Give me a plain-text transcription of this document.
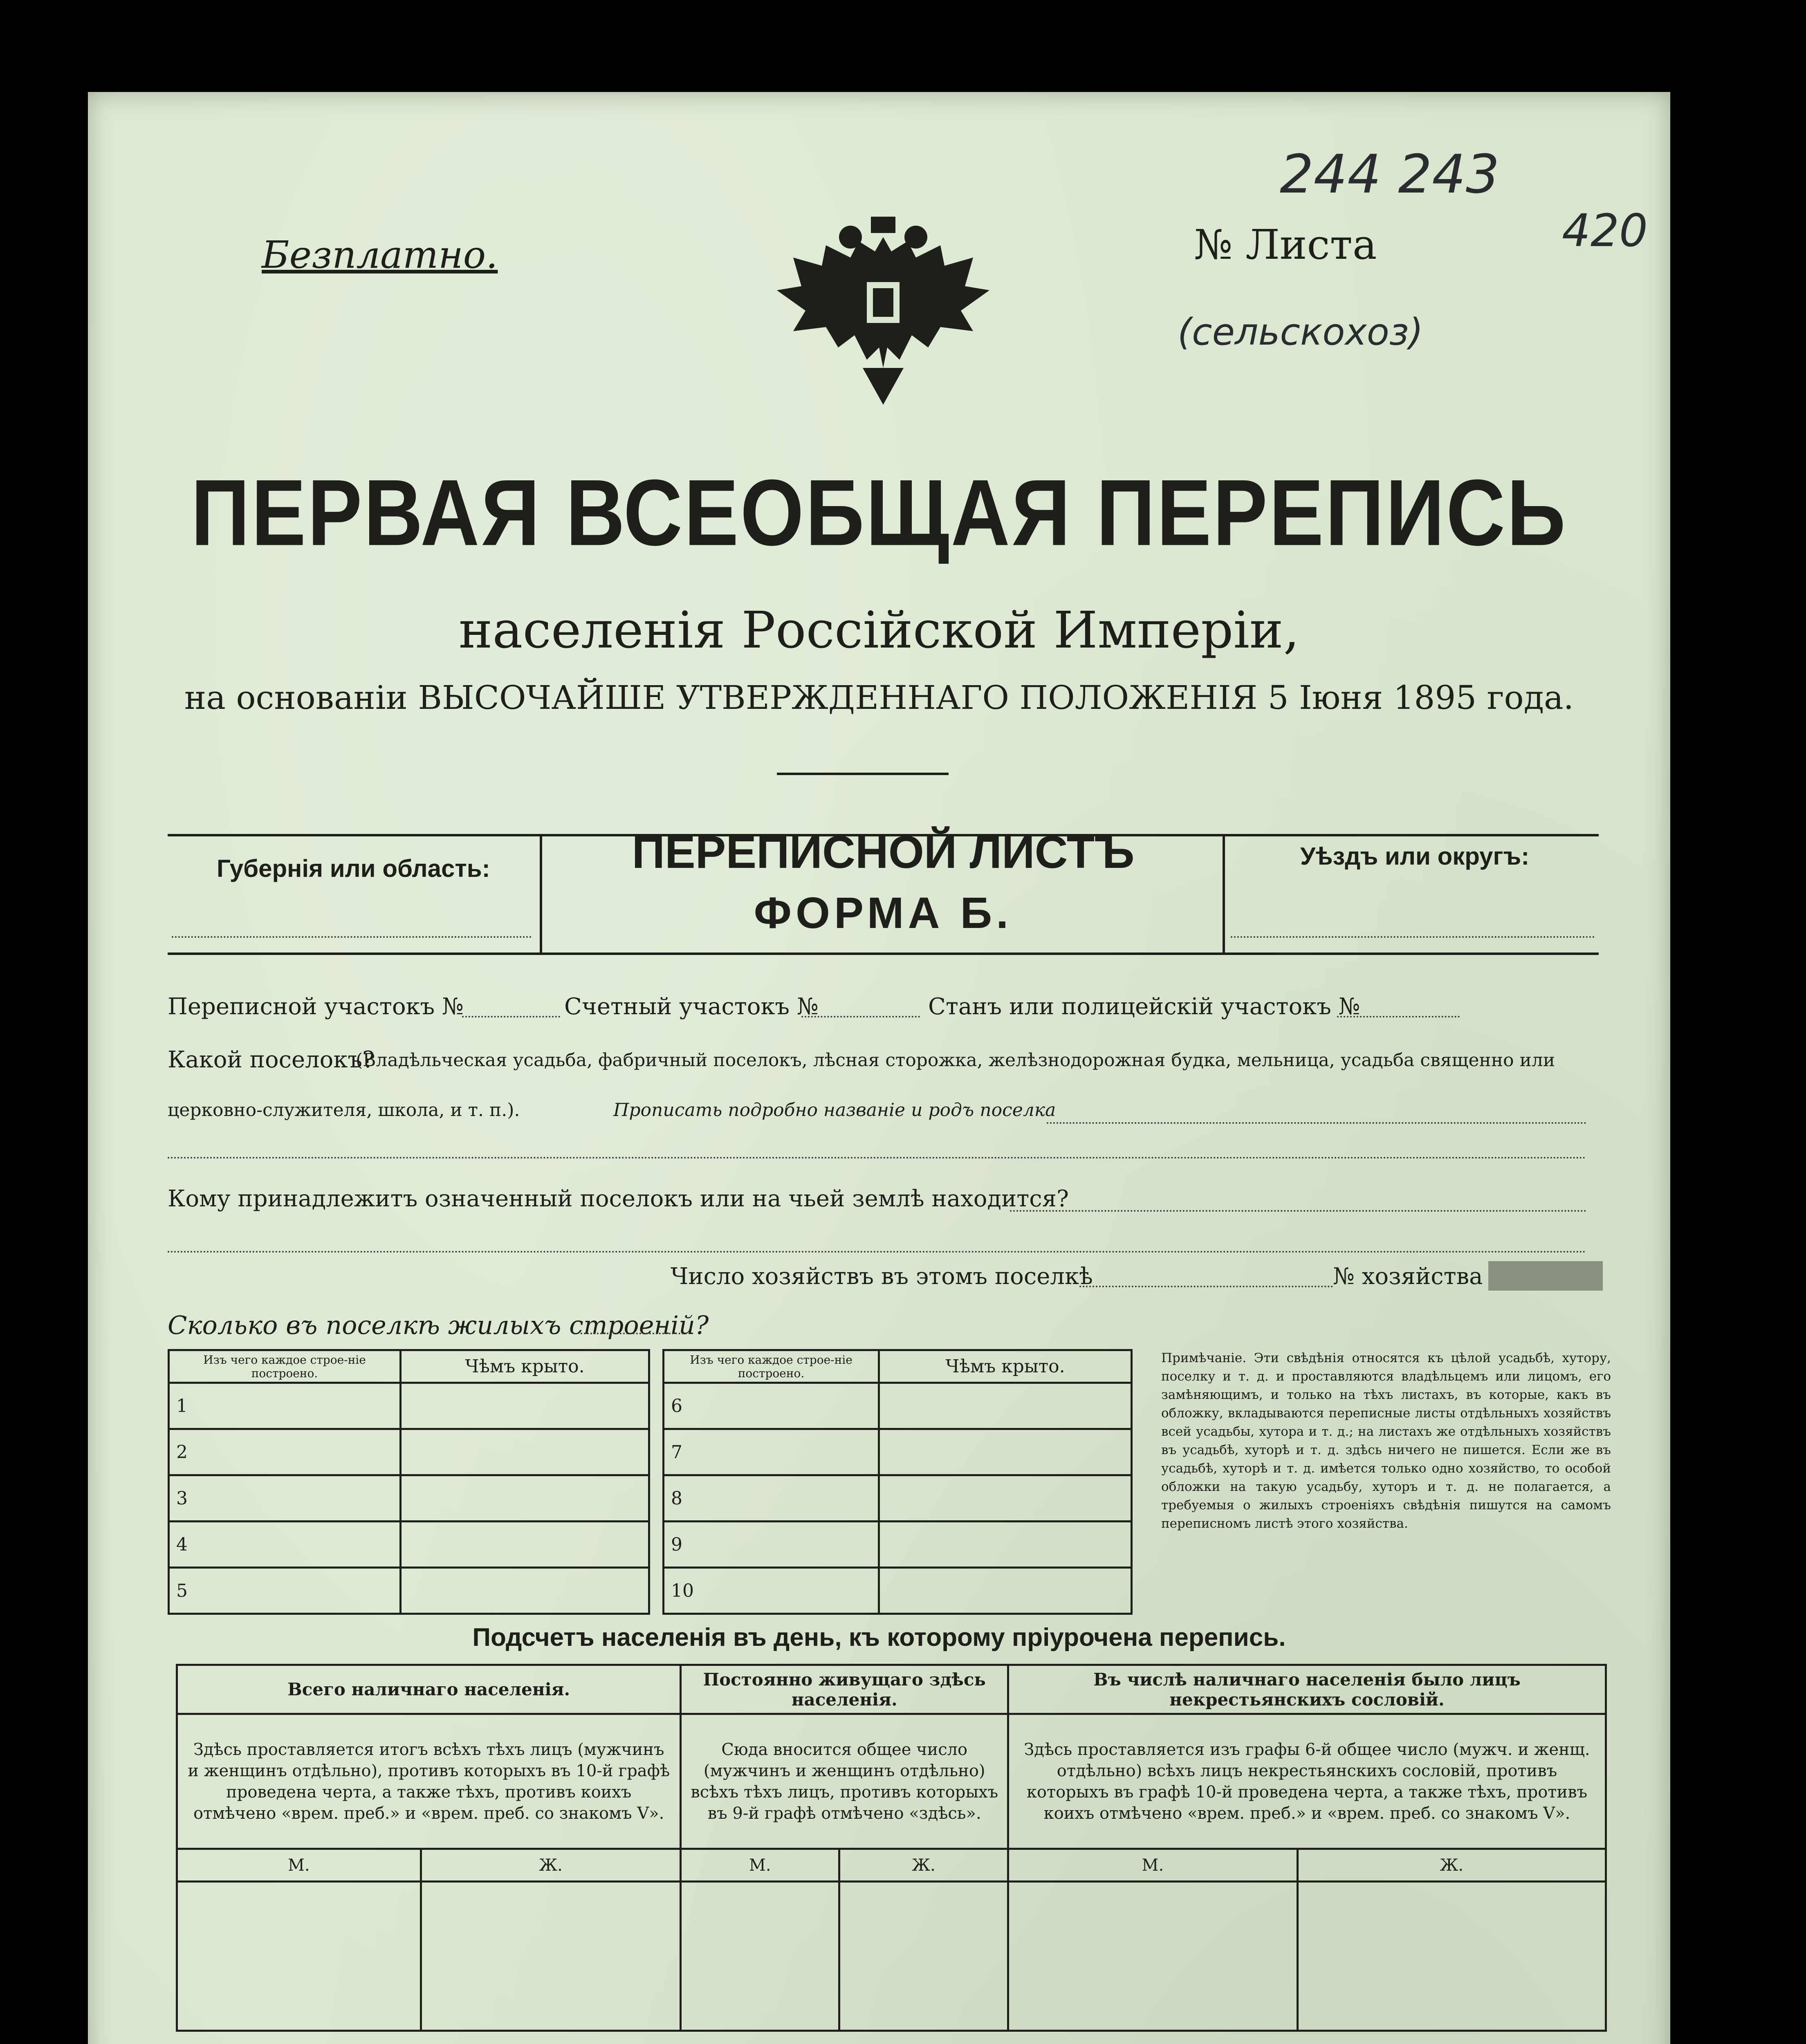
Безплатно.	№ Листа
244 243
420
(сельскохоз)
ПЕРВАЯ ВСЕОБЩАЯ ПЕРЕПИСЬ
населенія Россійской Имперіи,
на основаніи ВЫСОЧАЙШЕ УТВЕРЖДЕННАГО ПОЛОЖЕНІЯ 5 Іюня 1895 года.
Губернія или область:	ПЕРЕПИСНОЙ ЛИСТЪ
ФОРМА Б.
Уѣздъ или округъ:
Переписной участокъ №	Счетный участокъ №	Станъ или полицейскій участокъ №
Какой поселокъ?
(Владѣльческая усадьба, фабричный поселокъ, лѣсная сторожка, желѣзнодорожная будка, мельница, усадьба священно или
церковно-служителя, школа, и т. п.).	Прописать подробно названіе и родъ поселка
Кому принадлежитъ означенный поселокъ или на чьей землѣ находится?
Число хозяйствъ въ этомъ поселкѣ	№ хозяйства
Сколько въ поселкѣ жилыхъ строеній?
Изъ чего каждое строе-ніе построено.	Чѣмъ крыто.
1	
2	
3	
4	
5	
Изъ чего каждое строе-ніе построено.	Чѣмъ крыто.
6	
7	
8	
9	
10	
Примѣчаніе. Эти свѣдѣнія относятся къ цѣлой усадьбѣ, хутору, поселку и т. д. и проставляются владѣльцемъ или лицомъ, его замѣняющимъ, и только на тѣхъ листахъ, въ которые, какъ въ обложку, вкладываются переписные листы отдѣльныхъ хозяйствъ всей усадьбы, хутора и т. д.; на листахъ же отдѣльныхъ хозяйствъ въ усадьбѣ, хуторѣ и т. д. здѣсь ничего не пишется. Если же въ усадьбѣ, хуторѣ и т. д. имѣется только одно хозяйство, то особой обложки на такую усадьбу, хуторъ и т. д. не полагается, а требуемыя о жилыхъ строеніяхъ свѣдѣнія пишутся на самомъ переписномъ листѣ этого хозяйства.
Подсчетъ населенія въ день, къ которому пріурочена перепись.
Всего наличнаго населенія.		Постоянно живущаго здѣсь населенія.		Въ числѣ наличнаго населенія было лицъ некрестьянскихъ сословій.	
Здѣсь проставляется итогъ всѣхъ тѣхъ лицъ (мужчинъ и женщинъ отдѣльно), противъ которыхъ въ 10-й графѣ проведена черта, а также тѣхъ, противъ коихъ отмѣчено «врем. преб.» и «врем. преб. со знакомъ V».		Сюда вносится общее число (мужчинъ и женщинъ отдѣльно) всѣхъ тѣхъ лицъ, противъ которыхъ въ 9-й графѣ отмѣчено «здѣсь».		Здѣсь проставляется изъ графы 6-й общее число (мужч. и женщ. отдѣльно) всѣхъ лицъ некрестьянскихъ сословій, противъ которыхъ въ графѣ 10-й проведена черта, а также тѣхъ, противъ коихъ отмѣчено «врем. преб.» и «врем. преб. со знакомъ V».	
М.	Ж.	М.	Ж.	М.	Ж.
